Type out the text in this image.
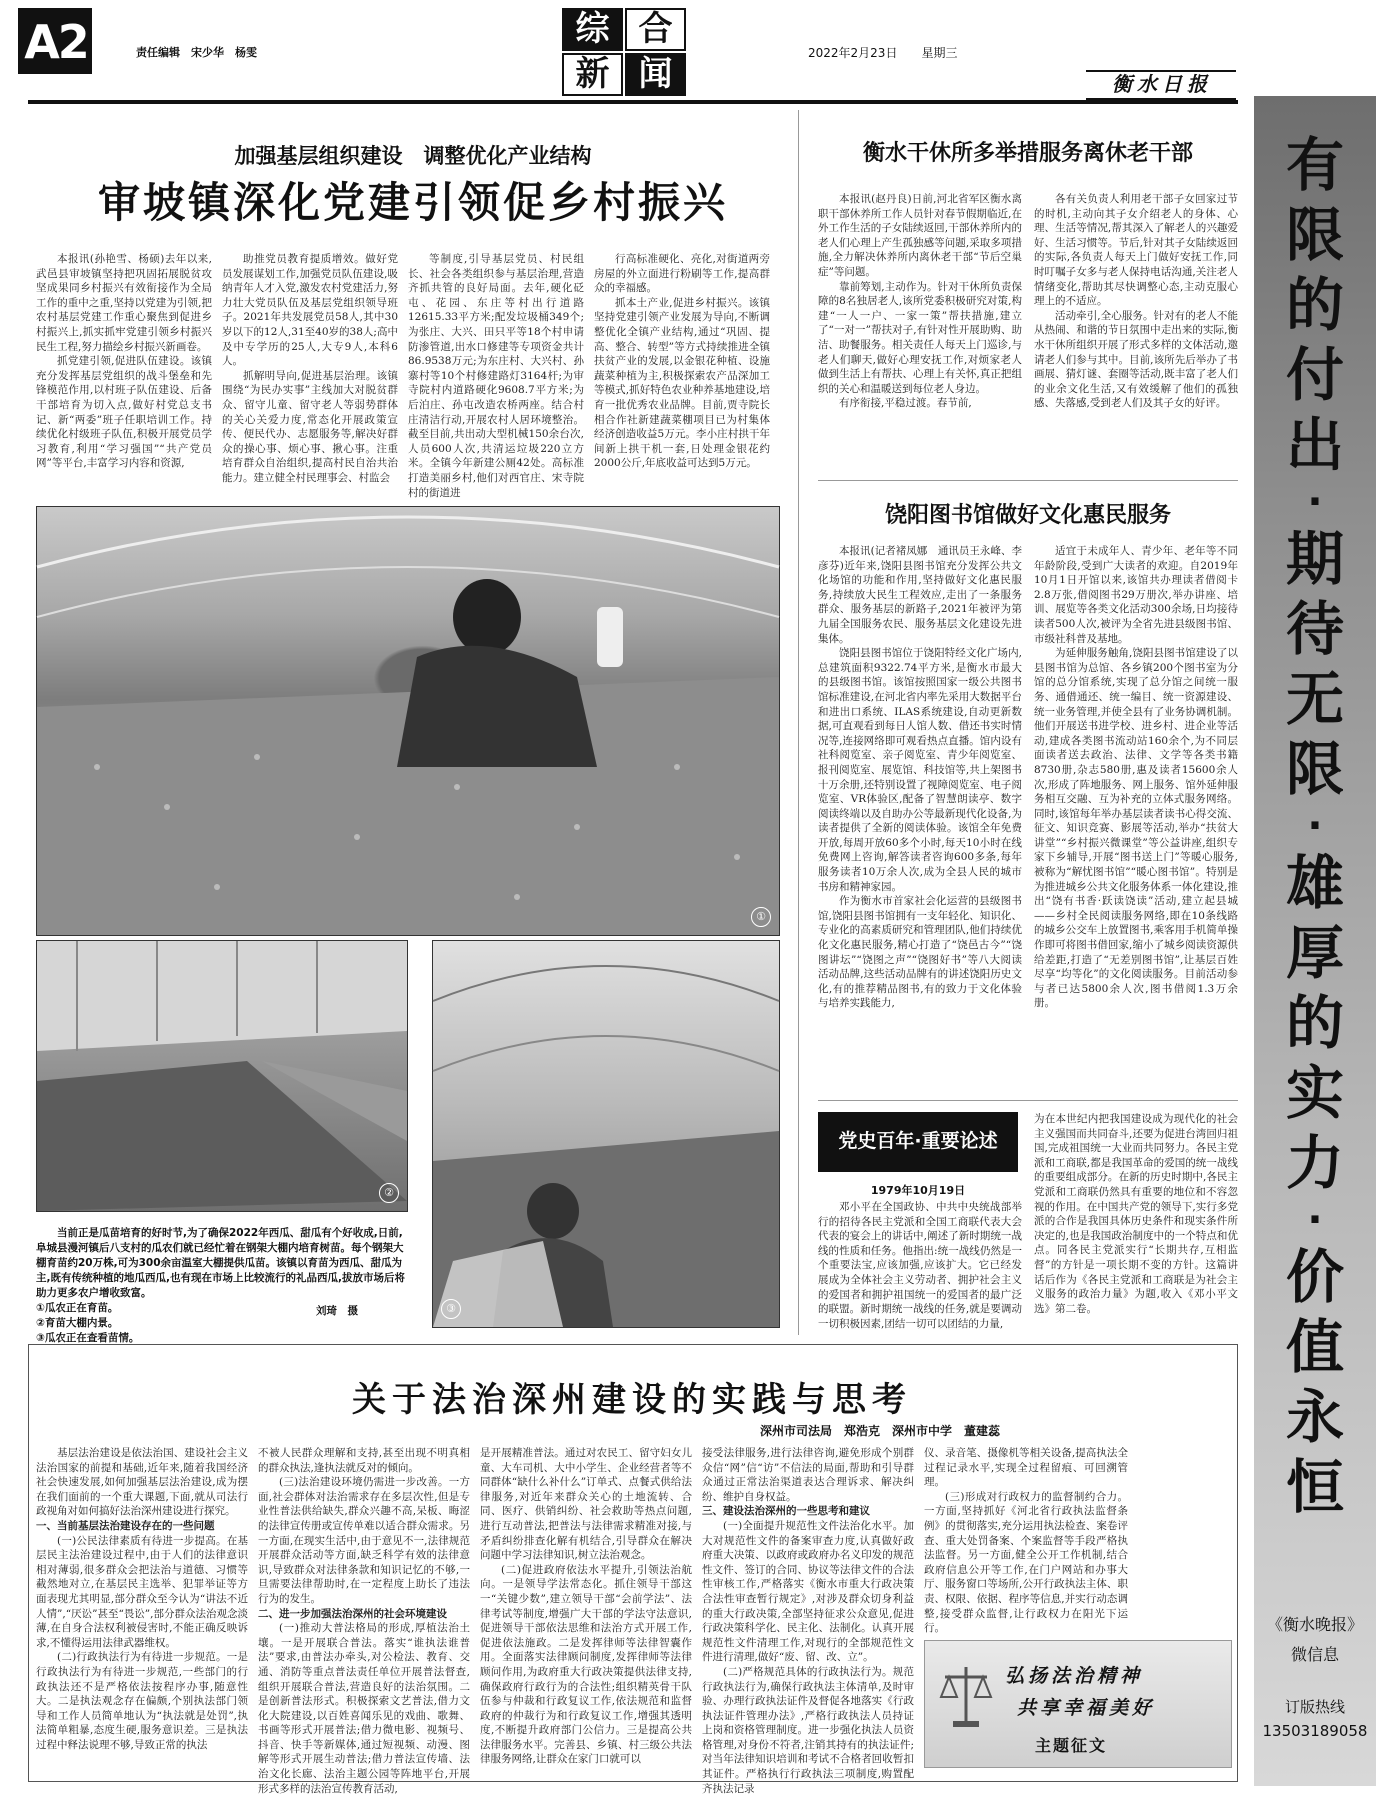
A2	责任编辑　宋少华　杨雯
综 合
新 闻
2022年2月23日　　星期三
衡水日报
加强基层组织建设　调整优化产业结构
审坡镇深化党建引领促乡村振兴

本报讯(孙艳雪、杨硕)去年以来,武邑县审坡镇坚持把巩固拓展脱贫攻坚成果同乡村振兴有效衔接作为全局工作的重中之重,坚持以党建为引领,把农村基层党建工作重心聚焦到促进乡村振兴上,抓实抓牢党建引领乡村振兴民生工程,努力描绘乡村振兴新画卷。

抓党建引领,促进队伍建设。该镇充分发挥基层党组织的战斗堡垒和先锋模范作用,以村班子队伍建设、后备干部培育为切入点,做好村党总支书记、新“两委”班子任职培训工作。持续优化村级班子队伍,积极开展党员学习教育,利用“学习强国”“共产党员网”等平台,丰富学习内容和资源,

助推党员教育提质增效。做好党员发展谋划工作,加强党员队伍建设,吸纳青年人才入党,激发农村党建活力,努力壮大党员队伍及基层党组织领导班子。2021年共发展党员58人,其中30岁以下的12人,31至40岁的38人;高中及中专学历的25人,大专9人,本科6人。

抓解明导向,促进基层治理。该镇围绕“为民办实事”主线加大对脱贫群众、留守儿童、留守老人等弱势群体的关心关爱力度,常态化开展政策宣传、便民代办、志愿服务等,解决好群众的操心事、烦心事、揪心事。注重培育群众自治组织,提高村民自治共治能力。建立健全村民理事会、村监会

等制度,引导基层党员、村民组长、社会各类组织参与基层治理,营造齐抓共管的良好局面。去年,硬化砭屯、花园、东庄等村出行道路12615.33平方米;配发垃圾桶349个;为张庄、大兴、田只平等18个村申请防渗管道,出水口修建等专项资金共计86.9538万元;为东庄村、大兴村、孙寨村等10个村修建路灯3164杆;为审寺院村内道路硬化9608.7平方米;为后泊庄、孙屯改造农桥两座。结合村庄清洁行动,开展农村人居环境整治。截至目前,共出动大型机械150余台次,人员600人次,共清运垃圾220立方米。全镇今年新建公厕42处。高标准打造美丽乡村,他们对西官庄、宋寺院村的街道进

行高标准硬化、亮化,对街道两旁房屋的外立面进行粉刷等工作,提高群众的幸福感。

抓本土产业,促进乡村振兴。该镇坚持党建引领产业发展为导向,不断调整优化全镇产业结构,通过“巩固、提高、整合、转型”等方式持续推进全镇扶贫产业的发展,以金银花种植、设施蔬菜种植为主,积极探索农产品深加工等模式,抓好特色农业种养基地建设,培育一批优秀农业品牌。目前,贾寺院长相合作社新建蔬菜棚项目已为村集体经济创造收益5万元。李小庄村拱干年间新上拱干机一套,日处理金银花约2000公斤,年底收益可达到5万元。

①
②
③
当前正是瓜苗培育的好时节,为了确保2022年西瓜、甜瓜有个好收成,日前,阜城县漫河镇后八支村的瓜农们就已经忙着在钢架大棚内培育树苗。每个钢架大棚育苗约20万株,可为300余亩温室大棚提供瓜苗。该镇以育苗为西瓜、甜瓜为主,既有传统种植的地瓜西瓜,也有现在市场上比较流行的礼品西瓜,拔放市场后将助力更多农户增收致富。
①瓜农正在育苗。
②育苗大棚内景。
③瓜农正在查看苗情。
刘琦　摄
衡水干休所多举措服务离休老干部

本报讯(赵丹良)日前,河北省军区衡水离职干部休养所工作人员针对春节假期临近,在外工作生活的子女陆续返回,干部休养所内的老人们心理上产生孤独感等问题,采取多项措施,全力解决休养所内离休老干部“节后空巢症”等问题。

靠前筹划,主动作为。针对干休所负责保障的8名独居老人,该所党委积极研究对策,构建“一人一户、一家一策”帮扶措施,建立了“一对一”帮扶对子,有针对性开展助购、助洁、助餐服务。相关责任人每天上门巡诊,与老人们聊天,做好心理安抚工作,对烦家老人做到生活上有帮扶、心理上有关怀,真正把组织的关心和温暖送到每位老人身边。

有序衔接,平稳过渡。春节前,

各有关负责人利用老干部子女回家过节的时机,主动向其子女介绍老人的身体、心理、生活等情况,帮其深入了解老人的兴趣爱好、生活习惯等。节后,针对其子女陆续返回的实际,各负责人每天上门做好安抚工作,同时叮嘱子女多与老人保持电话沟通,关注老人情绪变化,帮助其尽快调整心态,主动克服心理上的不适应。

活动牵引,全心服务。针对有的老人不能从热闹、和谐的节日氛围中走出来的实际,衡水干休所组织开展了形式多样的文体活动,邀请老人们参与其中。目前,该所先后举办了书画展、猜灯谜、套圈等活动,既丰富了老人们的业余文化生活,又有效缓解了他们的孤独感、失落感,受到老人们及其子女的好评。

饶阳图书馆做好文化惠民服务

本报讯(记者褚凤娜　通讯员王永峰、李彦芬)近年来,饶阳县图书馆充分发挥公共文化场馆的功能和作用,坚持做好文化惠民服务,持续放大民生工程效应,走出了一条服务群众、服务基层的新路子,2021年被评为第九届全国服务农民、服务基层文化建设先进集体。

饶阳县图书馆位于饶阳特经文化广场内,总建筑面积9322.74平方米,是衡水市最大的县级图书馆。该馆按照国家一级公共图书馆标准建设,在河北省内率先采用大数据平台和进出口系统、ILAS系统建设,自动更新数据,可直观看到每日人馆人数、借还书实时情况等,连接网络即可观看热点直播。馆内设有社科阅览室、亲子阅览室、青少年阅览室、报刊阅览室、展览馆、科技馆等,共上架图书十万余册,还特别设置了视障阅览室、电子阅览室、VR体验区,配备了智慧朗读亭、数字阅读终端以及自助办公等最新现代化设备,为读者提供了全新的阅读体验。该馆全年免费开放,每周开放60多个小时,每天10小时在线免费网上咨询,解答读者咨询600多条,每年服务读者10万余人次,成为全县人民的城市书房和精神家园。

作为衡水市首家社会化运营的县级图书馆,饶阳县图书馆拥有一支年轻化、知识化、专业化的高素质研究和管理团队,他们持续优化文化惠民服务,精心打造了“饶邑古今”“饶图讲坛”“饶图之声”“饶图好书”等八大阅读活动品牌,这些活动品牌有的讲述饶阳历史文化,有的推荐精品图书,有的致力于文化体验与培养实践能力,

适宜于未成年人、青少年、老年等不同年龄阶段,受到广大读者的欢迎。自2019年10月1日开馆以来,该馆共办理读者借阅卡2.8万张,借阅图书29万册次,举办讲座、培训、展览等各类文化活动300余场,日均接待读者500人次,被评为全省先进县级图书馆、市级社科普及基地。

为延伸服务触角,饶阳县图书馆建设了以县图书馆为总馆、各乡镇200个图书室为分馆的总分馆系统,实现了总分馆之间统一服务、通借通还、统一编目、统一资源建设、统一业务管理,并使全县有了业务协调机制。他们开展送书进学校、进乡村、进企业等活动,建成各类图书流动站160余个,为不同层面读者送去政治、法律、文学等各类书籍8730册,杂志580册,惠及读者15600余人次,形成了阵地服务、网上服务、馆外延伸服务相互交融、互为补充的立体式服务网络。同时,该馆每年举办基层读者读书心得交流、征文、知识竞赛、影展等活动,举办“扶贫大讲堂”“乡村振兴微课堂”等公益讲座,组织专家下乡辅导,开展“图书送上门”等暖心服务,被称为“解忧图书馆”“暖心图书馆”。特别是为推进城乡公共文化服务体系一体化建设,推出“饶有书香·跃读饶读”活动,建立起县城——乡村全民阅读服务网络,即在10条线路的城乡公交车上放置图书,乘客用手机简单操作即可将图书借回家,缩小了城乡阅读资源供给差距,打造了“无差别图书馆”,让基层百姓尽享“均等化”的文化阅读服务。目前活动参与者已达5800余人次,图书借阅1.3万余册。

党史百年·重要论述
1979年10月19日

邓小平在全国政协、中共中央统战部举行的招待各民主党派和全国工商联代表大会代表的宴会上的讲话中,阐述了新时期统一战线的性质和任务。他指出:统一战线仍然是一个重要法宝,应该加强,应该扩大。它已经发展成为全体社会主义劳动者、拥护社会主义的爱国者和拥护祖国统一的爱国者的最广泛的联盟。新时期统一战线的任务,就是要调动一切积极因素,团结一切可以团结的力量,

为在本世纪内把我国建设成为现代化的社会主义强国而共同奋斗,还要为促进台湾回归祖国,完成祖国统一大业而共同努力。各民主党派和工商联,都是我国革命的爱国的统一战线的重要组成部分。在新的历史时期中,各民主党派和工商联仍然具有重要的地位和不容忽视的作用。在中国共产党的领导下,实行多党派的合作是我国具体历史条件和现实条件所决定的,也是我国政治制度中的一个特点和优点。同各民主党派实行“长期共存,互相监督”的方针是一项长期不变的方针。这篇讲话后作为《各民主党派和工商联是为社会主义服务的政治力量》为题,收入《邓小平文选》第二卷。

关于法治深州建设的实践与思考
深州市司法局　郑浩克　深州市中学　董建蕊

基层法治建设是依法治国、建设社会主义法治国家的前提和基础,近年来,随着我国经济社会快速发展,如何加强基层法治建设,成为摆在我们面前的一个重大课题,下面,就从司法行政视角对如何搞好法治深州建设进行探究。

一、当前基层法治建设存在的一些问题

(一)公民法律素质有待进一步提高。在基层民主法治建设过程中,由于人们的法律意识相对薄弱,很多群众会把法治与道德、习惯等截然地对立,在基层民主选举、犯罪举证等方面表现尤其明显,部分群众至今认为“讲法不近人情”,“厌讼”甚至“畏讼”,部分群众法治观念淡薄,在自身合法权利被侵害时,不能正确反映诉求,不懂得运用法律武器维权。

(二)行政执法行为有待进一步规范。一是行政执法行为有待进一步规范,一些部门的行政执法还不是严格依法按程序办事,随意性大。二是执法观念存在偏颇,个别执法部门领导和工作人员简单地认为“执法就是处罚”,执法简单粗暴,态度生硬,服务意识差。三是执法过程中释法说理不够,导致正常的执法

不被人民群众理解和支持,甚至出现不明真相的群众执法,逢执法就反对的倾向。

(三)法治建设环境仍需进一步改善。一方面,社会群体对法治需求存在多层次性,但是专业性普法供给缺失,群众兴趣不高,呆板、晦涩的法律宣传册或宣传单难以适合群众需求。另一方面,在现实生活中,由于意见不一,法律规范开展群众活动等方面,缺乏科学有效的法律意识,导致群众对法律条款和知识记忆的不够,一旦需要法律帮助时,在一定程度上助长了违法行为的发生。

二、进一步加强法治深州的社会环境建设

(一)推动大普法格局的形成,厚植法治土壤。一是开展联合普法。落实“谁执法谁普法”要求,由普法办牵头,对公检法、教育、交通、消防等重点普法责任单位开展普法督查,组织开展联合普法,营造良好的法治氛围。二是创新普法形式。积极探索文艺普法,借力文化大院建设,以百姓喜闻乐见的戏曲、歌舞、书画等形式开展普法;借力微电影、视频号、抖音、快手等新媒体,通过短视频、动漫、图解等形式开展生动普法;借力普法宣传墙、法治文化长廊、法治主题公园等阵地平台,开展形式多样的法治宣传教育活动,

是开展精准普法。通过对农民工、留守妇女儿童、大车司机、大中小学生、企业经营者等不同群体“缺什么补什么”订单式、点餐式供给法律服务,对近年来群众关心的土地流转、合同、医疗、供销纠纷、社会救助等热点问题,进行互动普法,把普法与法律需求精准对接,与矛盾纠纷排查化解有机结合,引导群众在解决问题中学习法律知识,树立法治观念。

(二)促进政府依法水平提升,引领法治航向。一是领导学法常态化。抓住领导干部这一“关键少数”,建立领导干部“会前学法”、法律考试等制度,增强广大干部的学法守法意识,促进领导干部依法思维和法治方式开展工作,促进依法施政。二是发挥律师等法律智囊作用。全面落实法律顾问制度,发挥律师等法律顾问作用,为政府重大行政决策提供法律支持,确保政府行政行为的合法性;组织精英骨干队伍参与仲裁和行政复议工作,依法规范和监督政府的仲裁行为和行政复议工作,增强其透明度,不断提升政府部门公信力。三是提高公共法律服务水平。完善县、乡镇、村三级公共法律服务网络,让群众在家门口就可以

接受法律服务,进行法律咨询,避免形成个别群众信“网”信“访”不信法的局面,帮助和引导群众通过正常法治渠道表达合理诉求、解决纠纷、维护自身权益。

三、建设法治深州的一些思考和建议

(一)全面提升规范性文件法治化水平。加大对规范性文件的备案审查力度,认真做好政府重大决策、以政府或政府办名义印发的规范性文件、签订的合同、协议等法律文件的合法性审核工作,严格落实《衡水市重大行政决策合法性审查暂行规定》,对涉及群众切身利益的重大行政决策,全部坚持征求公众意见,促进行政决策科学化、民主化、法制化。认真开展规范性文件清理工作,对现行的全部规范性文件进行清理,做好“废、留、改、立”。

(二)严格规范具体的行政执法行为。规范行政执法行为,确保行政执法主体清单,及时审验、办理行政执法证件及督促各地落实《行政执法证件管理办法》,严格行政执法人员持证上岗和资格管理制度。进一步强化执法人员资格管理,对身份不符者,注销其持有的执法证件;对当年法律知识培训和考试不合格者回收暂扣其证件。严格执行行政执法三项制度,购置配齐执法记录

仪、录音笔、摄像机等相关设备,提高执法全过程记录水平,实现全过程留痕、可回溯管理。

(三)形成对行政权力的监督制约合力。一方面,坚持抓好《河北省行政执法监督条例》的贯彻落实,充分运用执法检查、案卷评查、重大处罚备案、个案监督等手段严格执法监督。另一方面,健全公开工作机制,结合政府信息公开等工作,在门户网站和办事大厅、服务窗口等场所,公开行政执法主体、职责、权限、依据、程序等信息,并实行动态调整,接受群众监督,让行政权力在阳光下运行。

弘扬法治精神
共享幸福美好
主题征文
有
限
的
付
出
·
期
待
无
限
·
雄
厚
的
实
力
·
价
值
永
恒
《衡水晚报》
微信息
订版热线
13503189058
